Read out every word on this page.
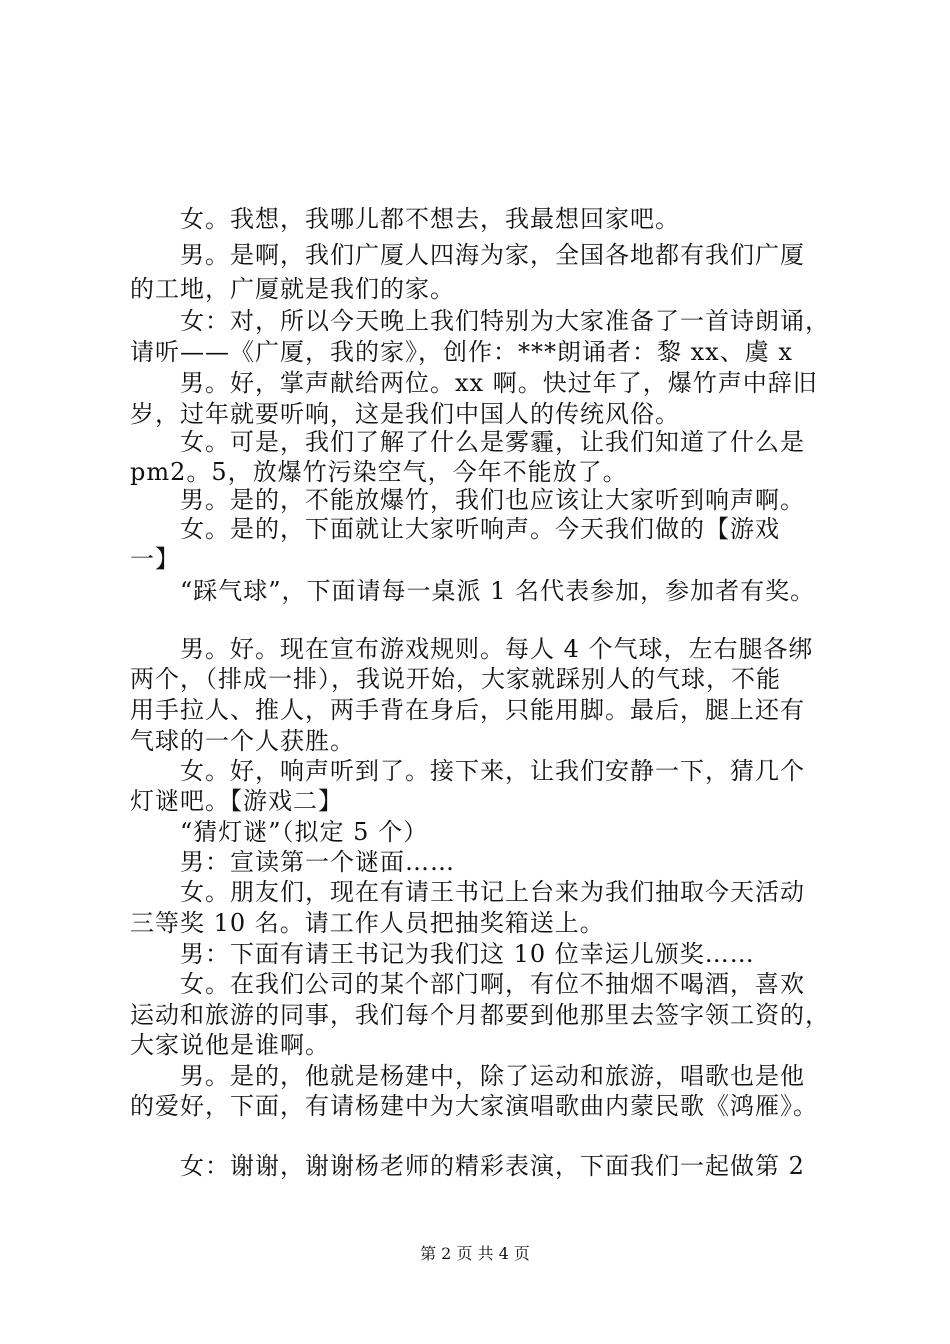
　　女。我想，我哪儿都不想去，我最想回家吧。
　　男。是啊，我们广厦人四海为家，全国各地都有我们广厦
的工地，广厦就是我们的家。
　　女：对，所以今天晚上我们特别为大家准备了一首诗朗诵，
请听——《广厦，我的家》，创作：***朗诵者：黎 xx、虞 x
　　男。好，掌声献给两位。xx 啊。快过年了，爆竹声中辞旧
岁，过年就要听响，这是我们中国人的传统风俗。
　　女。可是，我们了解了什么是雾霾，让我们知道了什么是
pm2。5，放爆竹污染空气，今年不能放了。
　　男。是的，不能放爆竹，我们也应该让大家听到响声啊。
　　女。是的，下面就让大家听响声。今天我们做的【游戏
一】
　　“踩气球”，下面请每一桌派 1 名代表参加，参加者有奖。
　　男。好。现在宣布游戏规则。每人 4 个气球，左右腿各绑
两个，（排成一排），我说开始，大家就踩别人的气球，不能
用手拉人、推人，两手背在身后，只能用脚。最后，腿上还有
气球的一个人获胜。
　　女。好，响声听到了。接下来，让我们安静一下，猜几个
灯谜吧。【游戏二】
　　“猜灯谜”（拟定 5 个）
　　男：宣读第一个谜面……
　　女。朋友们，现在有请王书记上台来为我们抽取今天活动
三等奖 10 名。请工作人员把抽奖箱送上。
　　男：下面有请王书记为我们这 10 位幸运儿颁奖……
　　女。在我们公司的某个部门啊，有位不抽烟不喝酒，喜欢
运动和旅游的同事，我们每个月都要到他那里去签字领工资的，
大家说他是谁啊。
　　男。是的，他就是杨建中，除了运动和旅游，唱歌也是他
的爱好，下面，有请杨建中为大家演唱歌曲内蒙民歌《鸿雁》。
　　女：谢谢，谢谢杨老师的精彩表演，下面我们一起做第 2
第 2 页 共 4 页
